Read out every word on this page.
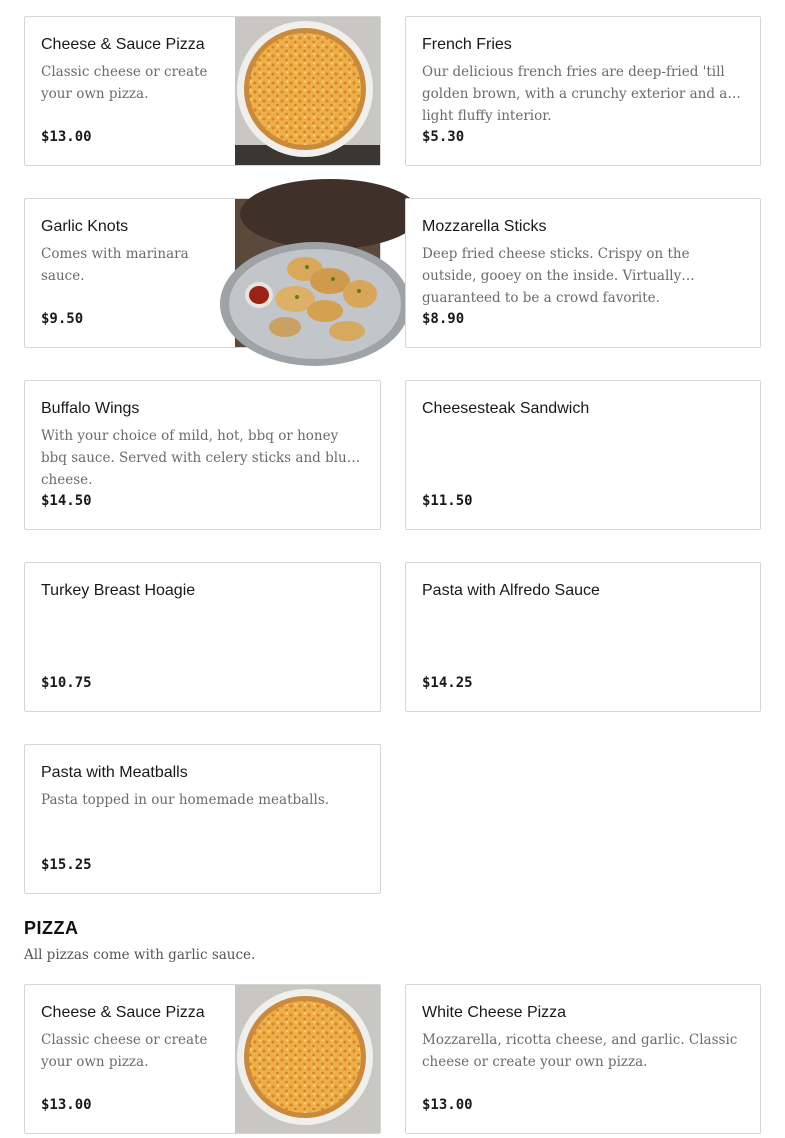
Cheese & Sauce Pizza
Classic cheese or create your own pizza.
$13.00
French Fries
Our delicious french fries are deep-fried 'till golden brown, with a crunchy exterior and a light fluffy interior.
$5.30
Garlic Knots
Comes with marinara sauce.
$9.50
Mozzarella Sticks
Deep fried cheese sticks. Crispy on the outside, gooey on the inside. Virtually guaranteed to be a crowd favorite.
$8.90
Buffalo Wings
With your choice of mild, hot, bbq or honey bbq sauce. Served with celery sticks and blue cheese.
$14.50
Cheesesteak Sandwich
$11.50
Turkey Breast Hoagie
$10.75
Pasta with Alfredo Sauce
$14.25
Pasta with Meatballs
Pasta topped in our homemade meatballs.
$15.25
PIZZA

All pizzas come with garlic sauce.

Cheese & Sauce Pizza
Classic cheese or create your own pizza.
$13.00
White Cheese Pizza
Mozzarella, ricotta cheese, and garlic. Classic cheese or create your own pizza.
$13.00
